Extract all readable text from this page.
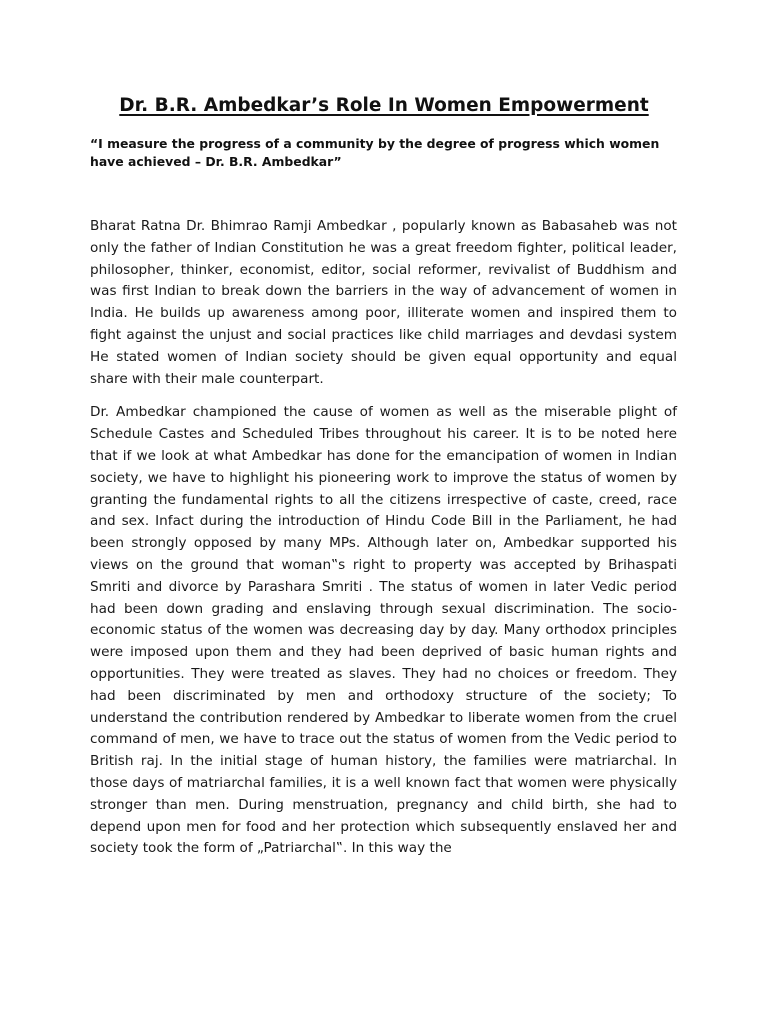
Dr. B.R. Ambedkar’s Role In Women Empowerment

“I measure the progress of a community by the degree of progress which women have achieved – Dr. B.R. Ambedkar”

Bharat Ratna Dr. Bhimrao Ramji Ambedkar , popularly known as Babasaheb was not only the father of Indian Constitution he was a great freedom fighter, political leader, philosopher, thinker, economist, editor, social reformer, revivalist of Buddhism and was first Indian to break down the barriers in the way of advancement of women in India. He builds up awareness among poor, illiterate women and inspired them to fight against the unjust and social practices like child marriages and devdasi system He stated women of Indian society should be given equal opportunity and equal share with their male counterpart.

Dr. Ambedkar championed the cause of women as well as the miserable plight of Schedule Castes and Scheduled Tribes throughout his career. It is to be noted here that if we look at what Ambedkar has done for the emancipation of women in Indian society, we have to highlight his pioneering work to improve the status of women by granting the fundamental rights to all the citizens irrespective of caste, creed, race and sex. Infact during the introduction of Hindu Code Bill in the Parliament, he had been strongly opposed by many MPs. Although later on, Ambedkar supported his views on the ground that woman‟s right to property was accepted by Brihaspati Smriti and divorce by Parashara Smriti . The status of women in later Vedic period had been down grading and enslaving through sexual discrimination. The socio-economic status of the women was decreasing day by day. Many orthodox principles were imposed upon them and they had been deprived of basic human rights and opportunities. They were treated as slaves. They had no choices or freedom. They had been discriminated by men and orthodoxy structure of the society; To understand the contribution rendered by Ambedkar to liberate women from the cruel command of men, we have to trace out the status of women from the Vedic period to British raj. In the initial stage of human history, the families were matriarchal. In those days of matriarchal families, it is a well known fact that women were physically stronger than men. During menstruation, pregnancy and child birth, she had to depend upon men for food and her protection which subsequently enslaved her and society took the form of „Patriarchal‟. In this way the
